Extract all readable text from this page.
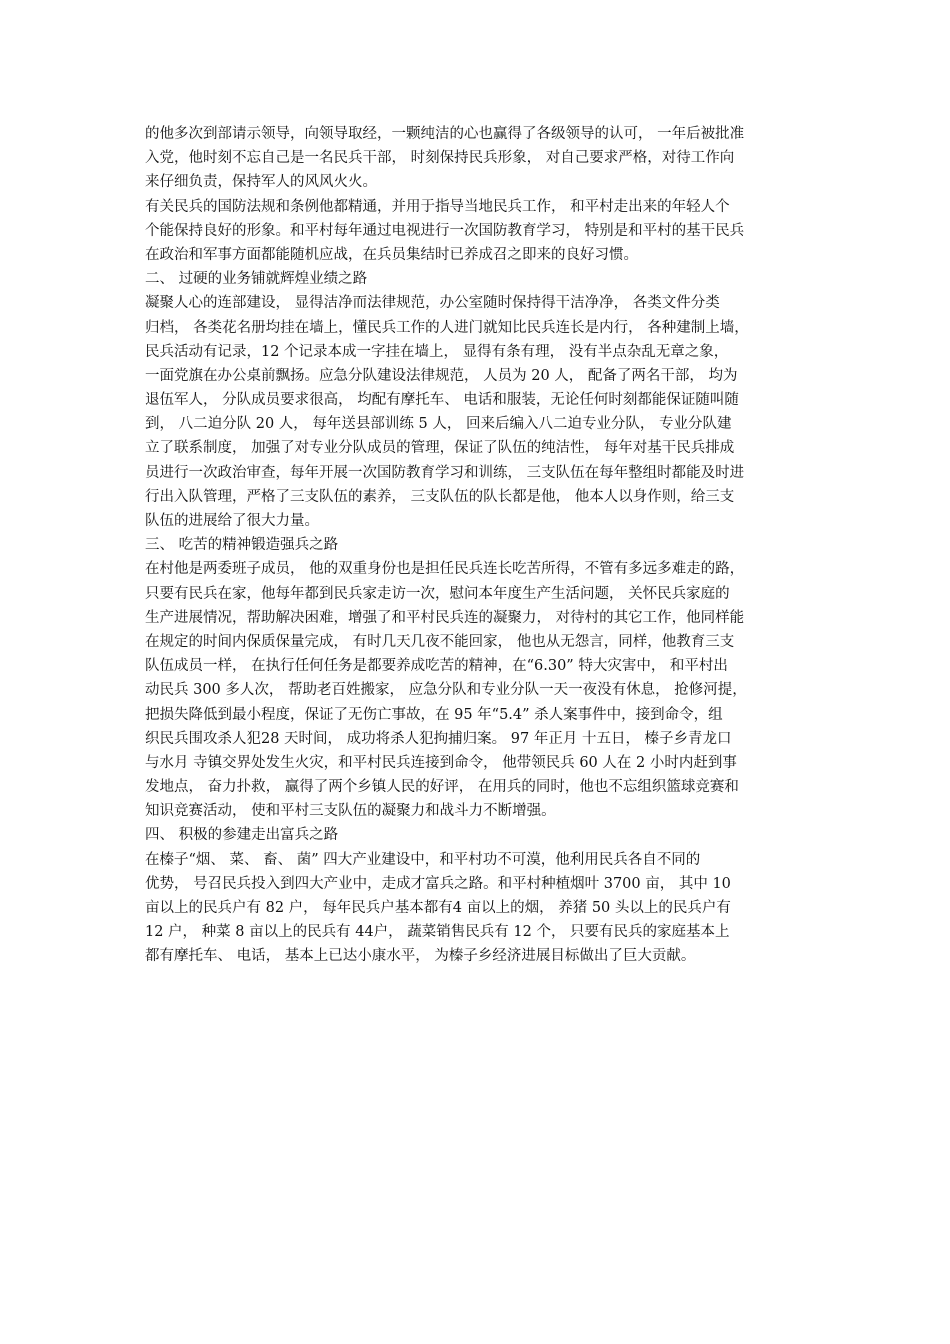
的他多次到部请示领导，向领导取经，一颗纯洁的心也赢得了各级领导的认可， 一年后被批准
入党，他时刻不忘自己是一名民兵干部， 时刻保持民兵形象， 对自己要求严格，对待工作向
来仔细负责，保持军人的风风火火。
有关民兵的国防法规和条例他都精通，并用于指导当地民兵工作， 和平村走出来的年轻人个
个能保持良好的形象。和平村每年通过电视进行一次国防教育学习， 特别是和平村的基干民兵
在政治和军事方面都能随机应战，在兵员集结时已养成召之即来的良好习惯。
二、 过硬的业务铺就辉煌业绩之路
凝聚人心的连部建设， 显得洁净而法律规范，办公室随时保持得干洁净净， 各类文件分类
归档， 各类花名册均挂在墙上，懂民兵工作的人进门就知比民兵连长是内行， 各种建制上墙，
民兵活动有记录，12 个记录本成一字挂在墙上， 显得有条有理， 没有半点杂乱无章之象，
一面党旗在办公桌前飘扬。应急分队建设法律规范， 人员为 20 人， 配备了两名干部， 均为
退伍军人， 分队成员要求很高， 均配有摩托车、 电话和服装，无论任何时刻都能保证随叫随
到， 八二迫分队 20 人， 每年送县部训练 5 人， 回来后编入八二迫专业分队， 专业分队建
立了联系制度， 加强了对专业分队成员的管理，保证了队伍的纯洁性， 每年对基干民兵排成
员进行一次政治审查，每年开展一次国防教育学习和训练， 三支队伍在每年整组时都能及时进
行出入队管理，严格了三支队伍的素养， 三支队伍的队长都是他， 他本人以身作则，给三支
队伍的进展给了很大力量。
三、 吃苦的精神锻造强兵之路
在村他是两委班子成员， 他的双重身份也是担任民兵连长吃苦所得，不管有多远多难走的路，
只要有民兵在家，他每年都到民兵家走访一次，慰问本年度生产生活问题， 关怀民兵家庭的
生产进展情况，帮助解决困难，增强了和平村民兵连的凝聚力， 对待村的其它工作，他同样能
在规定的时间内保质保量完成， 有时几天几夜不能回家， 他也从无怨言，同样，他教育三支
队伍成员一样， 在执行任何任务是都要养成吃苦的精神，在“6.30” 特大灾害中， 和平村出
动民兵 300 多人次， 帮助老百姓搬家， 应急分队和专业分队一天一夜没有休息， 抢修河提，
把损失降低到最小程度，保证了无伤亡事故，在 95 年“5.4” 杀人案事件中，接到命令，组
织民兵围攻杀人犯28 天时间， 成功将杀人犯拘捕归案。 97 年正月 十五日， 榛子乡青龙口
与水月 寺镇交界处发生火灾，和平村民兵连接到命令， 他带领民兵 60 人在 2 小时内赶到事
发地点， 奋力扑救， 赢得了两个乡镇人民的好评， 在用兵的同时，他也不忘组织篮球竞赛和
知识竞赛活动， 使和平村三支队伍的凝聚力和战斗力不断增强。
四、 积极的参建走出富兵之路
在榛子“烟、 菜、 畜、 菌” 四大产业建设中，和平村功不可漠，他利用民兵各自不同的
优势， 号召民兵投入到四大产业中，走成才富兵之路。和平村种植烟叶 3700 亩， 其中 10
亩以上的民兵户有 82 户， 每年民兵户基本都有4 亩以上的烟， 养猪 50 头以上的民兵户有
12 户， 种菜 8 亩以上的民兵有 44户， 蔬菜销售民兵有 12 个， 只要有民兵的家庭基本上
都有摩托车、 电话， 基本上已达小康水平， 为榛子乡经济进展目标做出了巨大贡献。
